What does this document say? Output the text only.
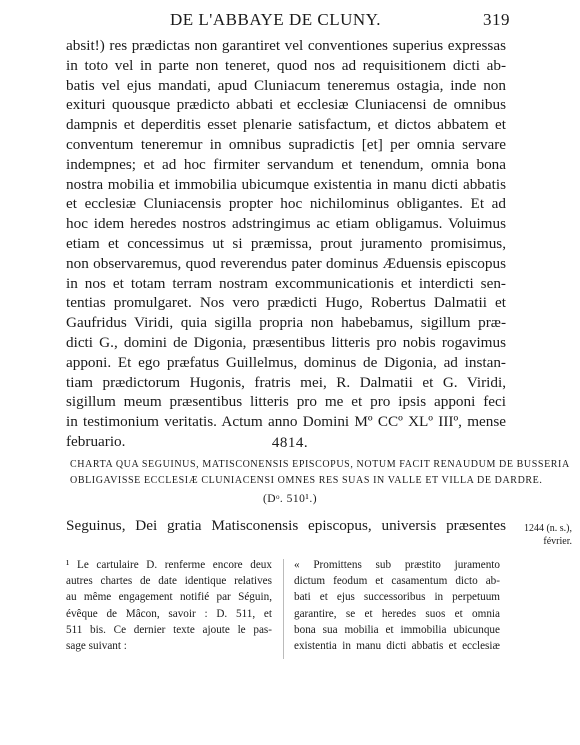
DE L'ABBAYE DE CLUNY.	319
absit!) res prædictas non garantiret vel conventiones superius expressas
in toto vel in parte non teneret, quod nos ad requisitionem dicti ab-
batis vel ejus mandati, apud Cluniacum teneremus ostagia, inde non
exituri quousque prædicto abbati et ecclesiæ Cluniacensi de omnibus
dampnis et deperditis esset plenarie satisfactum, et dictos abbatem et
conventum teneremur in omnibus supradictis [et] per omnia servare
indempnes; et ad hoc firmiter servandum et tenendum, omnia bona
nostra mobilia et immobilia ubicumque existentia in manu dicti abbatis
et ecclesiæ Cluniacensis propter hoc nichilominus obligantes. Et ad
hoc idem heredes nostros adstringimus ac etiam obligamus. Voluimus
etiam et concessimus ut si præmissa, prout juramento promisimus,
non observaremus, quod reverendus pater dominus Æduensis episcopus
in nos et totam terram nostram excommunicationis et interdicti sen-
tentias promulgaret. Nos vero prædicti Hugo, Robertus Dalmatii et
Gaufridus Viridi, quia sigilla propria non habebamus, sigillum præ-
dicti G., domini de Digonia, præsentibus litteris pro nobis rogavimus
apponi. Et ego præfatus Guillelmus, dominus de Digonia, ad instan-
tiam prædictorum Hugonis, fratris mei, R. Dalmatii et G. Viridi,
sigillum meum præsentibus litteris pro me et pro ipsis apponi feci
in testimonium veritatis. Actum anno Domini Mº CCº XLº IIIº, mense
februario.	4814.
CHARTA QUA SEGUINUS, MATISCONENSIS EPISCOPUS, NOTUM FACIT RENAUDUM DE BUSSERIA
OBLIGAVISSE ECCLESIÆ CLUNIACENSI OMNES RES SUAS IN VALLE ET VILLA DE DARDRE.
(Dᵒ. 510¹.)
Seguinus, Dei gratia Matisconensis episcopus, universis præsentes	1244 (n. s.),
février.
¹ Le cartulaire D. renferme encore deux
autres chartes de date identique relatives
au même engagement notifié par Séguin,
évêque de Mâcon, savoir : D. 511, et
511 bis. Ce dernier texte ajoute le pas-
sage suivant :
« Promittens sub præstito juramento
dictum feodum et casamentum dicto ab-
bati et ejus successoribus in perpetuum
garantire, se et heredes suos et omnia
bona sua mobilia et immobilia ubicunque
existentia in manu dicti abbatis et ecclesiæ
